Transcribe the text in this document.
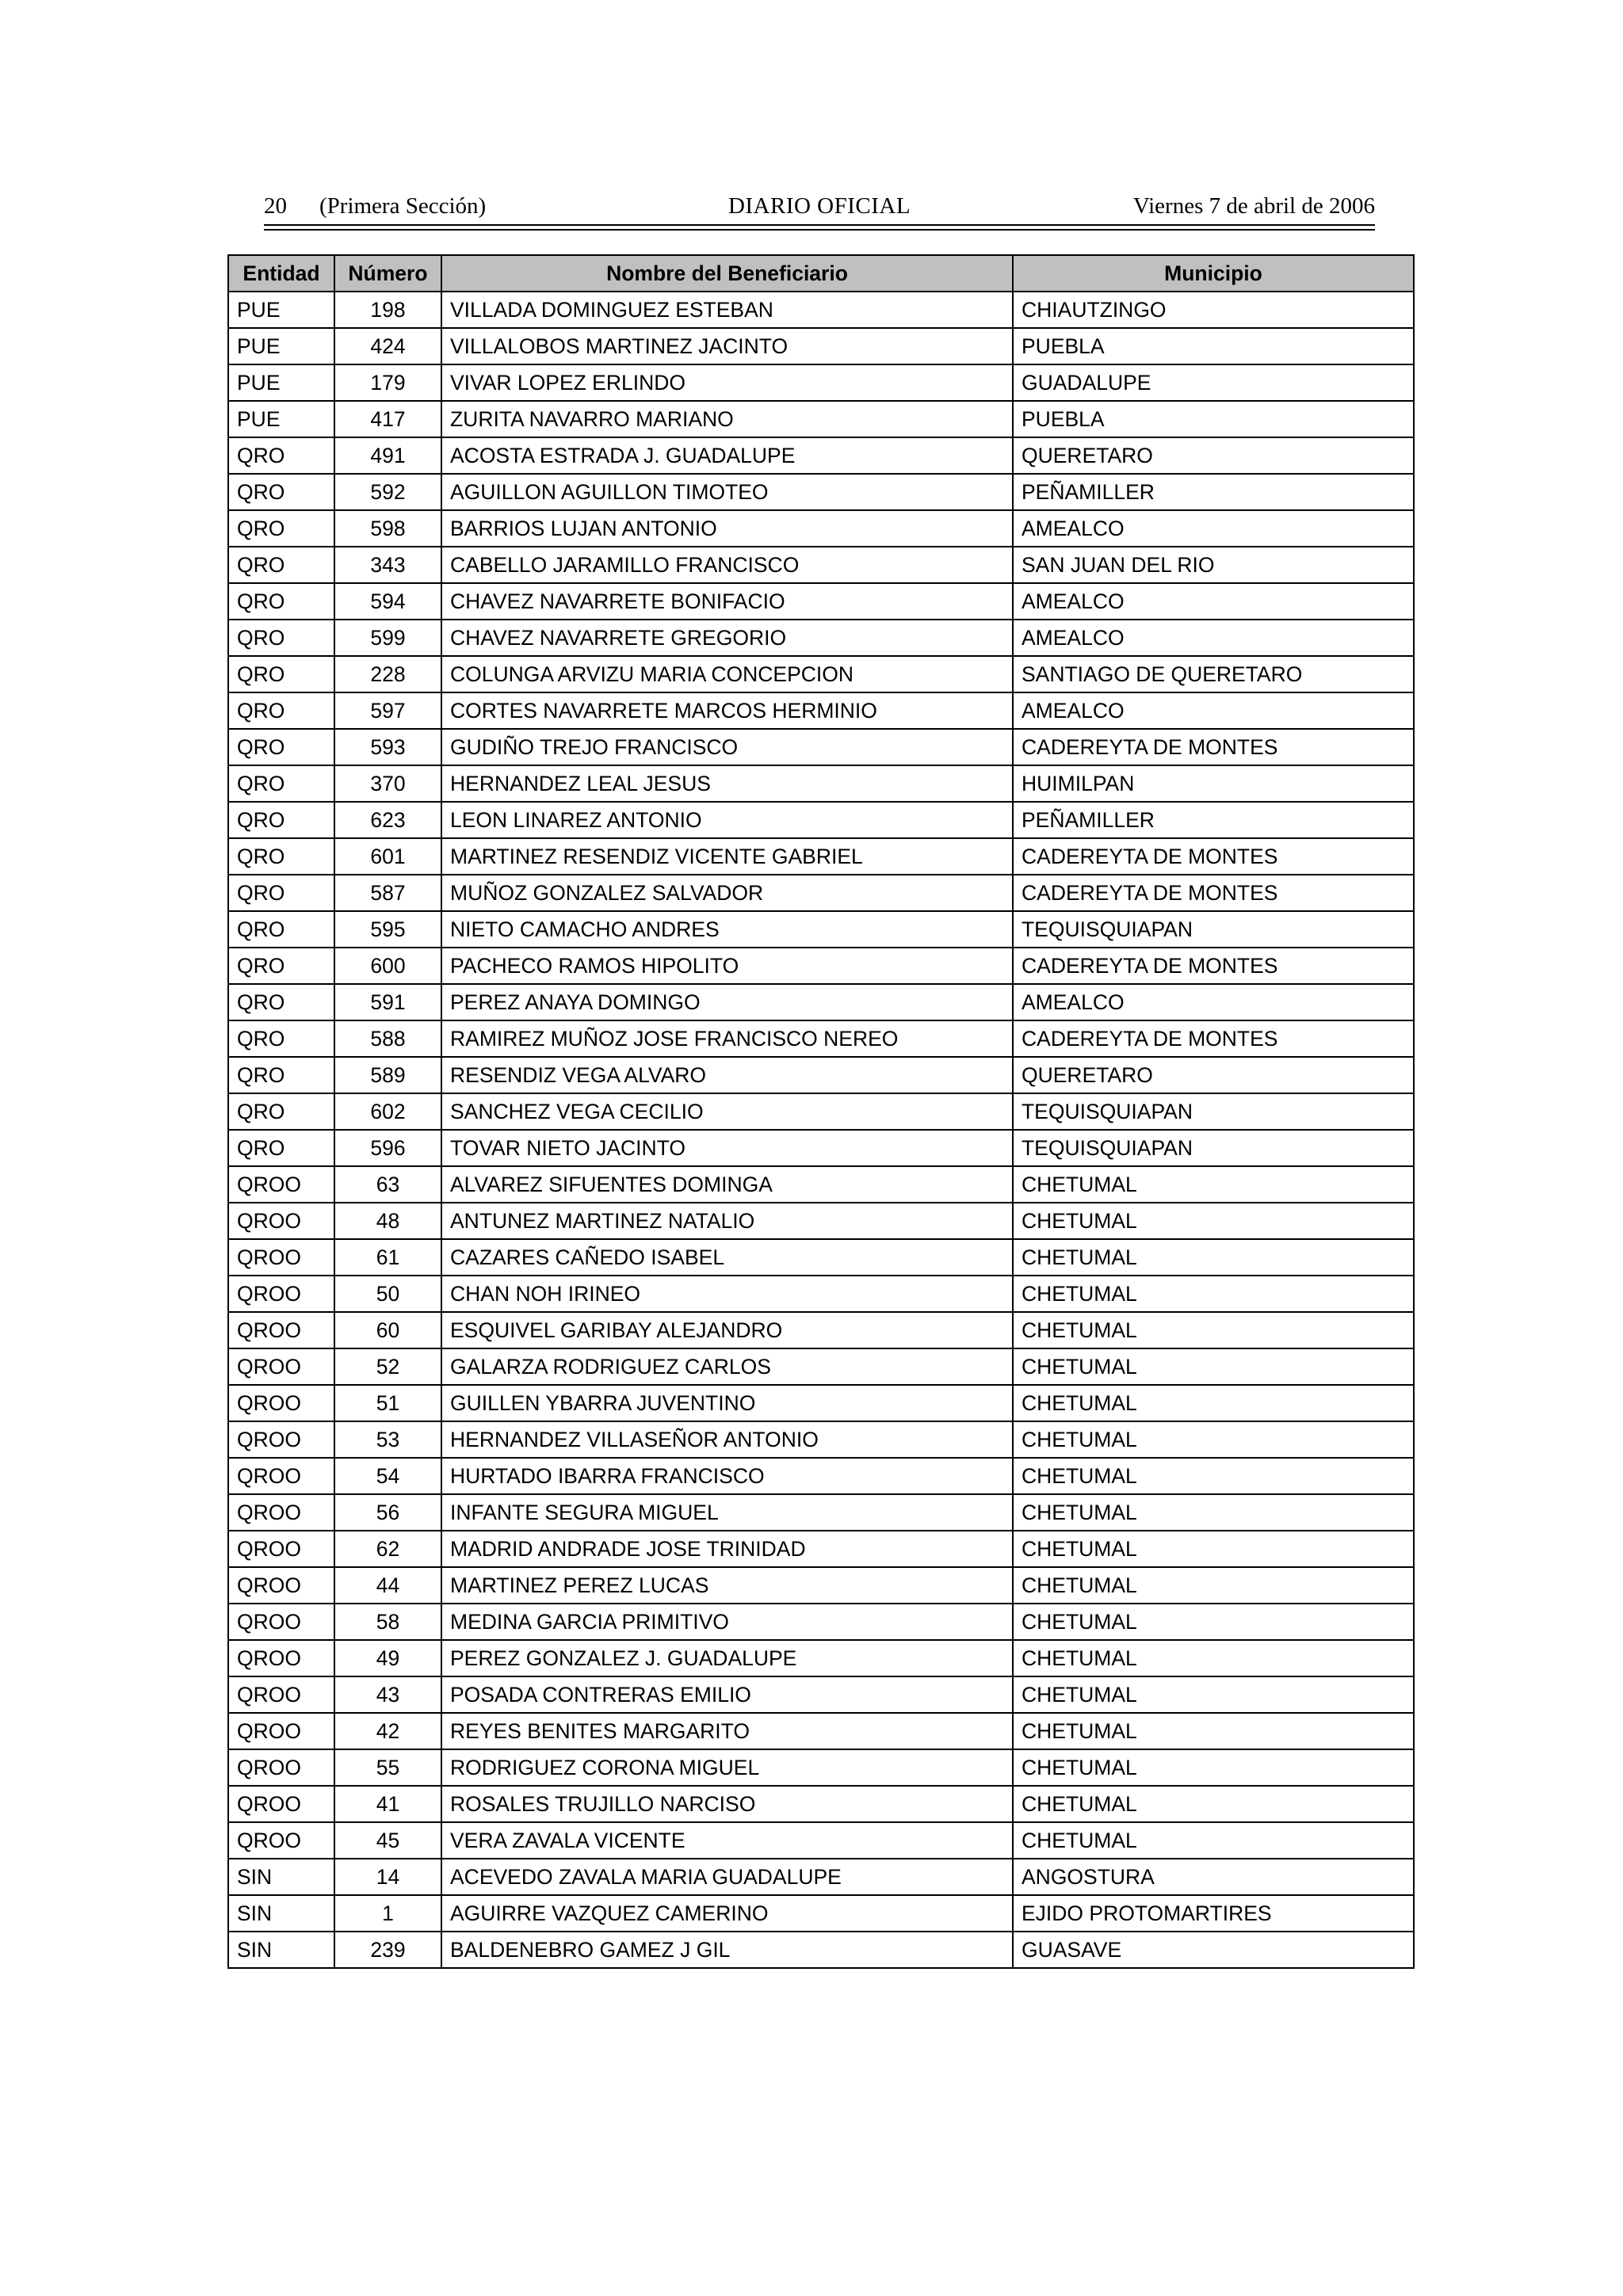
20 (Primera Sección)	DIARIO OFICIAL	Viernes 7 de abril de 2006
Entidad	Número	Nombre del Beneficiario	Municipio
PUE	198	VILLADA DOMINGUEZ ESTEBAN	CHIAUTZINGO
PUE	424	VILLALOBOS MARTINEZ JACINTO	PUEBLA
PUE	179	VIVAR LOPEZ ERLINDO	GUADALUPE
PUE	417	ZURITA NAVARRO MARIANO	PUEBLA
QRO	491	ACOSTA ESTRADA J. GUADALUPE	QUERETARO
QRO	592	AGUILLON AGUILLON TIMOTEO	PEÑAMILLER
QRO	598	BARRIOS LUJAN ANTONIO	AMEALCO
QRO	343	CABELLO JARAMILLO FRANCISCO	SAN JUAN DEL RIO
QRO	594	CHAVEZ NAVARRETE BONIFACIO	AMEALCO
QRO	599	CHAVEZ NAVARRETE GREGORIO	AMEALCO
QRO	228	COLUNGA ARVIZU MARIA CONCEPCION	SANTIAGO DE QUERETARO
QRO	597	CORTES NAVARRETE MARCOS HERMINIO	AMEALCO
QRO	593	GUDIÑO TREJO FRANCISCO	CADEREYTA DE MONTES
QRO	370	HERNANDEZ LEAL JESUS	HUIMILPAN
QRO	623	LEON LINAREZ ANTONIO	PEÑAMILLER
QRO	601	MARTINEZ RESENDIZ VICENTE GABRIEL	CADEREYTA DE MONTES
QRO	587	MUÑOZ GONZALEZ SALVADOR	CADEREYTA DE MONTES
QRO	595	NIETO CAMACHO ANDRES	TEQUISQUIAPAN
QRO	600	PACHECO RAMOS HIPOLITO	CADEREYTA DE MONTES
QRO	591	PEREZ ANAYA DOMINGO	AMEALCO
QRO	588	RAMIREZ MUÑOZ JOSE FRANCISCO NEREO	CADEREYTA DE MONTES
QRO	589	RESENDIZ VEGA ALVARO	QUERETARO
QRO	602	SANCHEZ VEGA CECILIO	TEQUISQUIAPAN
QRO	596	TOVAR NIETO JACINTO	TEQUISQUIAPAN
QROO	63	ALVAREZ SIFUENTES DOMINGA	CHETUMAL
QROO	48	ANTUNEZ MARTINEZ NATALIO	CHETUMAL
QROO	61	CAZARES CAÑEDO ISABEL	CHETUMAL
QROO	50	CHAN NOH IRINEO	CHETUMAL
QROO	60	ESQUIVEL GARIBAY ALEJANDRO	CHETUMAL
QROO	52	GALARZA RODRIGUEZ CARLOS	CHETUMAL
QROO	51	GUILLEN YBARRA JUVENTINO	CHETUMAL
QROO	53	HERNANDEZ VILLASEÑOR ANTONIO	CHETUMAL
QROO	54	HURTADO IBARRA FRANCISCO	CHETUMAL
QROO	56	INFANTE SEGURA MIGUEL	CHETUMAL
QROO	62	MADRID ANDRADE JOSE TRINIDAD	CHETUMAL
QROO	44	MARTINEZ PEREZ LUCAS	CHETUMAL
QROO	58	MEDINA GARCIA PRIMITIVO	CHETUMAL
QROO	49	PEREZ GONZALEZ J. GUADALUPE	CHETUMAL
QROO	43	POSADA CONTRERAS EMILIO	CHETUMAL
QROO	42	REYES BENITES MARGARITO	CHETUMAL
QROO	55	RODRIGUEZ CORONA MIGUEL	CHETUMAL
QROO	41	ROSALES TRUJILLO NARCISO	CHETUMAL
QROO	45	VERA ZAVALA VICENTE	CHETUMAL
SIN	14	ACEVEDO ZAVALA MARIA GUADALUPE	ANGOSTURA
SIN	1	AGUIRRE VAZQUEZ CAMERINO	EJIDO PROTOMARTIRES
SIN	239	BALDENEBRO GAMEZ J GIL	GUASAVE
